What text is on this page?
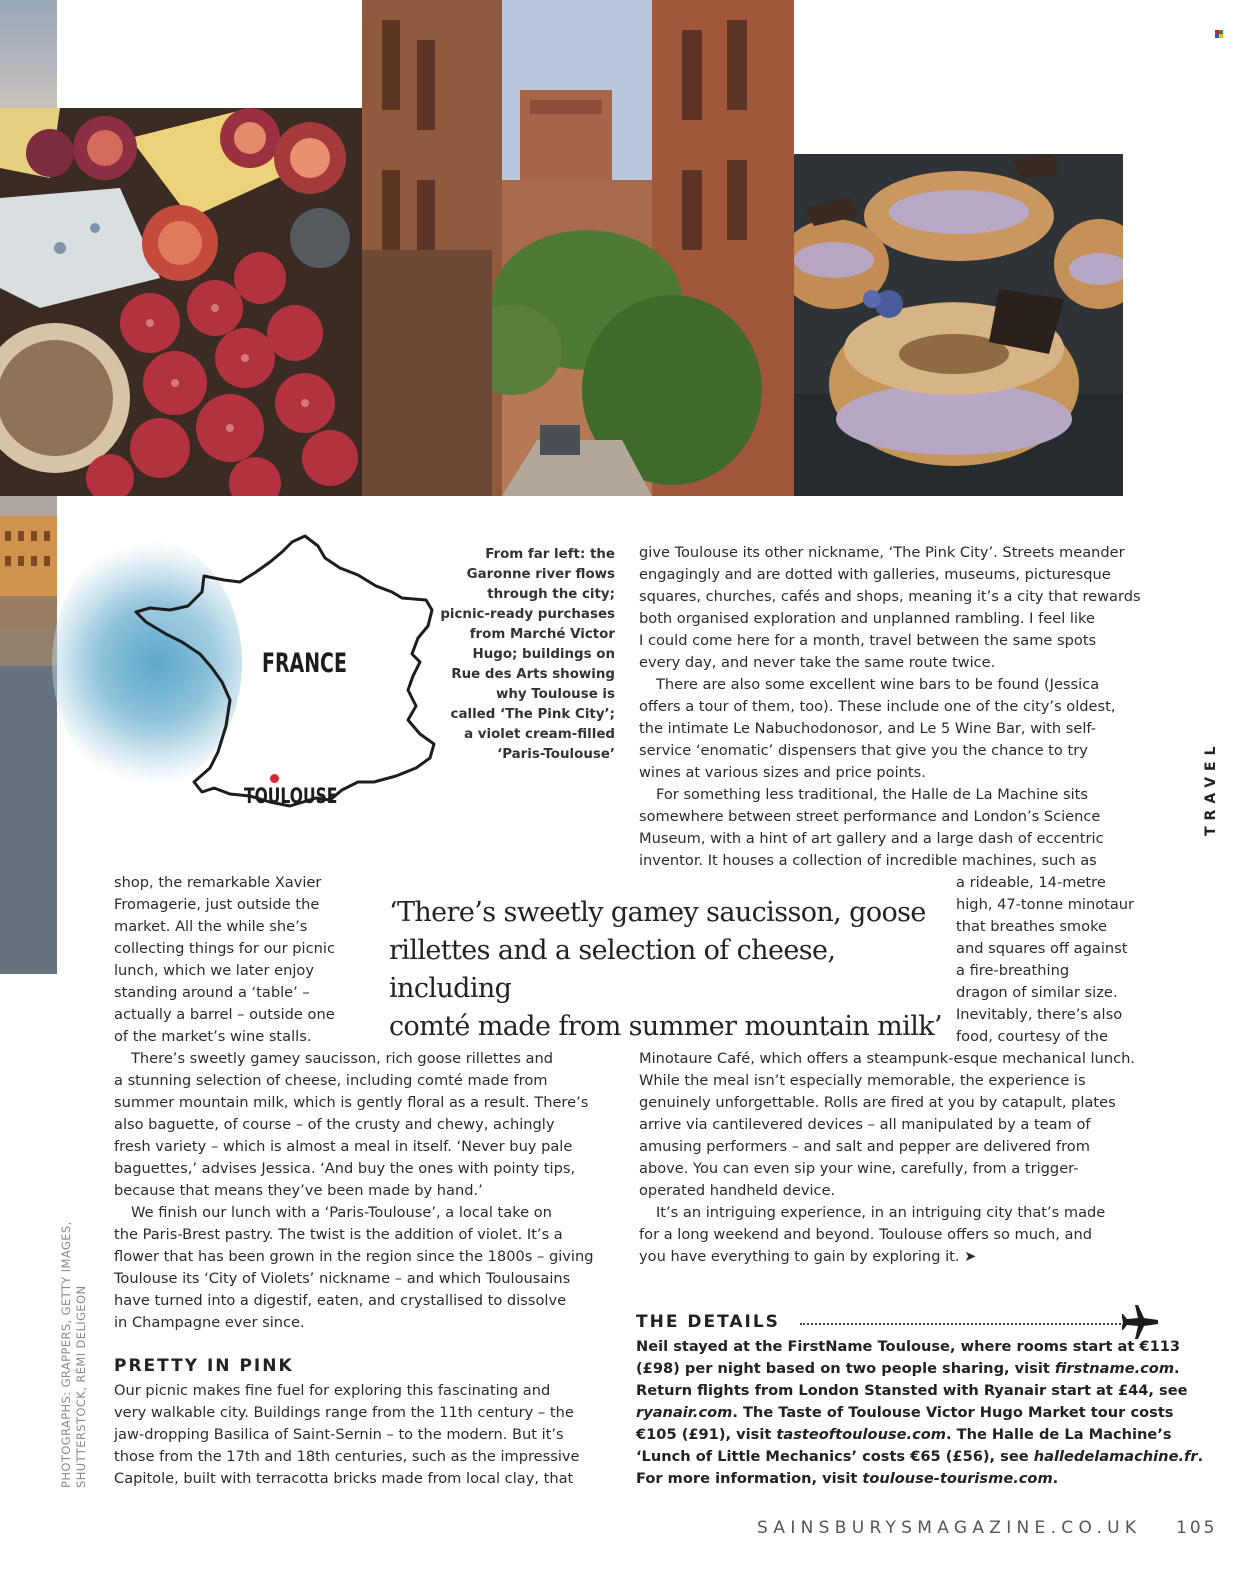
FRANCE
TOULOUSE
From far left: the
Garonne river flows
through the city;
picnic-ready purchases
from Marché Victor
Hugo; buildings on
Rue des Arts showing
why Toulouse is
called ‘The Pink City’;
a violet cream-filled
‘Paris-Toulouse’

give Toulouse its other nickname, ‘The Pink City’. Streets meander

engagingly and are dotted with galleries, museums, picturesque

squares, churches, cafés and shops, meaning it’s a city that rewards

both organised exploration and unplanned rambling. I feel like

I could come here for a month, travel between the same spots

every day, and never take the same route twice.

There are also some excellent wine bars to be found (Jessica

offers a tour of them, too). These include one of the city’s oldest,

the intimate Le Nabuchodonosor, and Le 5 Wine Bar, with self-

service ‘enomatic’ dispensers that give you the chance to try

wines at various sizes and price points.

For something less traditional, the Halle de La Machine sits

somewhere between street performance and London’s Science

Museum, with a hint of art gallery and a large dash of eccentric

inventor. It houses a collection of incredible machines, such as

a rideable, 14-metre

high, 47-tonne minotaur

that breathes smoke

and squares off against

a fire-breathing

dragon of similar size.

Inevitably, there’s also

food, courtesy of the

Minotaure Café, which offers a steampunk-esque mechanical lunch.

While the meal isn’t especially memorable, the experience is

genuinely unforgettable. Rolls are fired at you by catapult, plates

arrive via cantilevered devices – all manipulated by a team of

amusing performers – and salt and pepper are delivered from

above. You can even sip your wine, carefully, from a trigger-

operated handheld device.

It’s an intriguing experience, in an intriguing city that’s made

for a long weekend and beyond. Toulouse offers so much, and

you have everything to gain by exploring it. ➤

shop, the remarkable Xavier

Fromagerie, just outside the

market. All the while she’s

collecting things for our picnic

lunch, which we later enjoy

standing around a ‘table’ –

actually a barrel – outside one

of the market’s wine stalls.

There’s sweetly gamey saucisson, rich goose rillettes and

a stunning selection of cheese, including comté made from

summer mountain milk, which is gently floral as a result. There’s

also baguette, of course – of the crusty and chewy, achingly

fresh variety – which is almost a meal in itself. ‘Never buy pale

baguettes,’ advises Jessica. ‘And buy the ones with pointy tips,

because that means they’ve been made by hand.’

We finish our lunch with a ‘Paris-Toulouse’, a local take on

the Paris-Brest pastry. The twist is the addition of violet. It’s a

flower that has been grown in the region since the 1800s – giving

Toulouse its ‘City of Violets’ nickname – and which Toulousains

have turned into a digestif, eaten, and crystallised to dissolve

in Champagne ever since.

PRETTY IN PINK

Our picnic makes fine fuel for exploring this fascinating and

very walkable city. Buildings range from the 11th century – the

jaw-dropping Basilica of Saint-Sernin – to the modern. But it’s

those from the 17th and 18th centuries, such as the impressive

Capitole, built with terracotta bricks made from local clay, that

‘There’s sweetly gamey saucisson, goose
rillettes and a selection of cheese, including
comté made from summer mountain milk’
THE DETAILS
Neil stayed at the FirstName Toulouse, where rooms start at €113
(£98) per night based on two people sharing, visit firstname.com.
Return flights from London Stansted with Ryanair start at £44, see
ryanair.com. The Taste of Toulouse Victor Hugo Market tour costs
€105 (£91), visit tasteoftoulouse.com. The Halle de La Machine’s
‘Lunch of Little Mechanics’ costs €65 (£56), see halledelamachine.fr.
For more information, visit toulouse-tourisme.com.
TRAVEL
PHOTOGRAPHS: GRAPPERS, GETTY IMAGES, SHUTTERSTOCK, RÉMI DELIGEON
SAINSBURYSMAGAZINE.CO.UK 105
